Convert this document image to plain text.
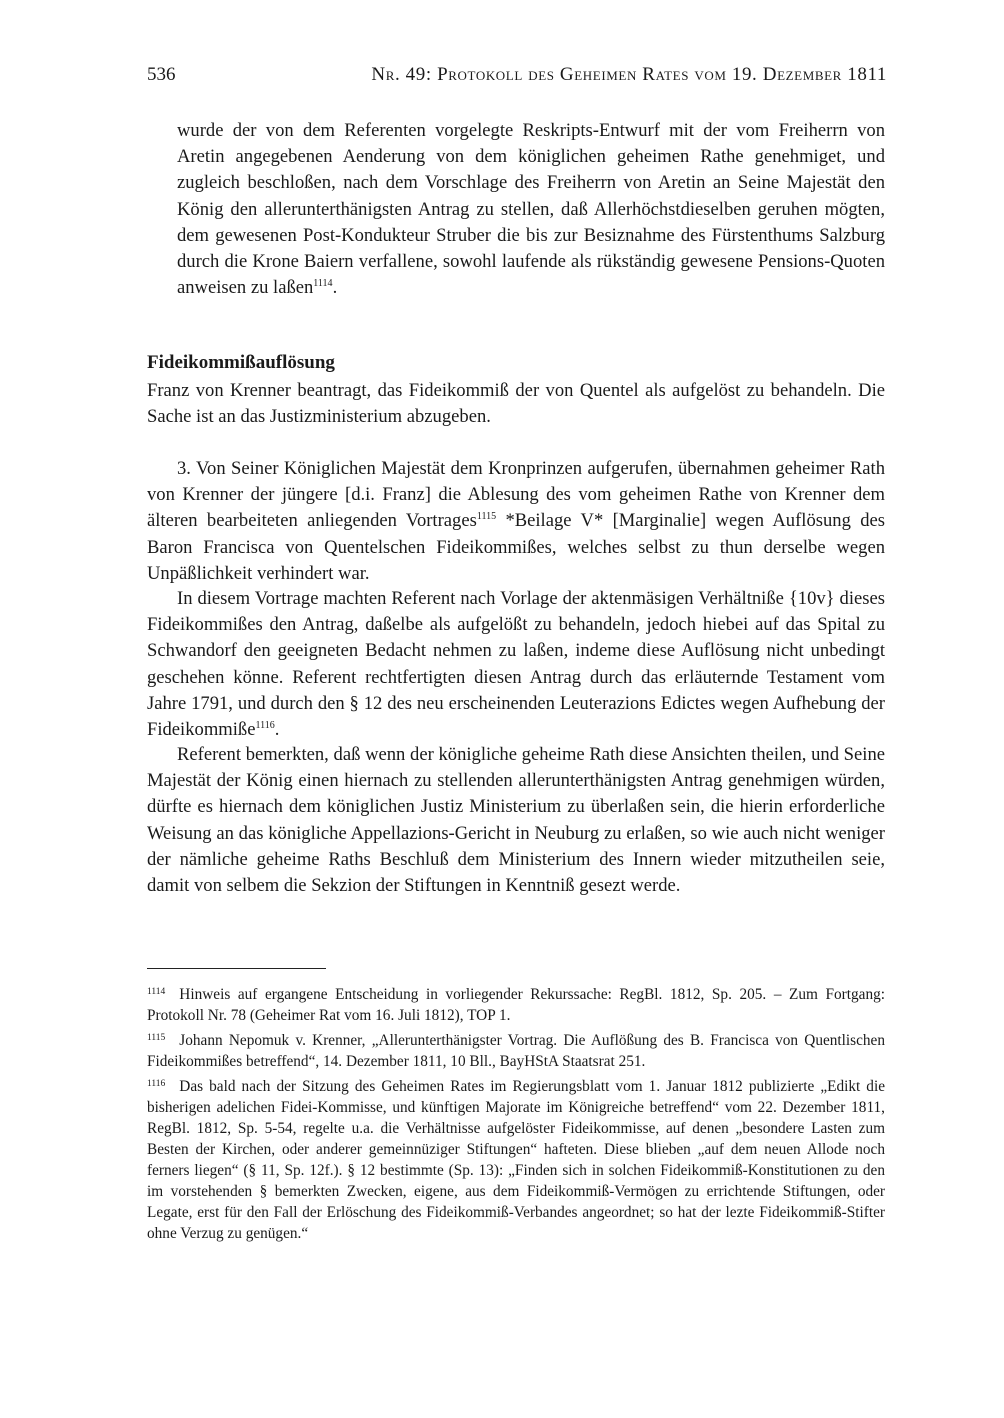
536	Nr. 49: Protokoll des Geheimen Rates vom 19. Dezember 1811

wurde der von dem Referenten vorgelegte Reskripts-Entwurf mit der vom Freiherrn von Aretin angegebenen Aenderung von dem königlichen geheimen Rathe genehmiget, und zugleich beschloßen, nach dem Vorschlage des Freiherrn von Aretin an Seine Majestät den König den allerunterthänigsten Antrag zu stellen, daß Allerhöchstdieselben geruhen mögten, dem gewesenen Post-Kondukteur Struber die bis zur Besiznahme des Fürstenthums Salzburg durch die Krone Baiern verfallene, sowohl laufende als rükständig gewesene Pensions-Quoten anweisen zu laßen$^{1114}$.

Fideikommißauflösung

Franz von Krenner beantragt, das Fideikommiß der von Quentel als aufgelöst zu behandeln. Die Sache ist an das Justizministerium abzugeben.

3. Von Seiner Königlichen Majestät dem Kronprinzen aufgerufen, übernahmen geheimer Rath von Krenner der jüngere [d.i. Franz] die Ablesung des vom geheimen Rathe von Krenner dem älteren bearbeiteten anliegenden Vortrages$^{1115}$ *Beilage V* [Marginalie] wegen Auflösung des Baron Francisca von Quentelschen Fideikommißes, welches selbst zu thun derselbe wegen Unpäßlichkeit verhindert war.

In diesem Vortrage machten Referent nach Vorlage der aktenmäsigen Verhältniße {10v} dieses Fideikommißes den Antrag, daßelbe als aufgelößt zu behandeln, jedoch hiebei auf das Spital zu Schwandorf den geeigneten Bedacht nehmen zu laßen, indeme diese Auflösung nicht unbedingt geschehen könne. Referent rechtfertigten diesen Antrag durch das erläuternde Testament vom Jahre 1791, und durch den § 12 des neu erscheinenden Leuterazions Edictes wegen Aufhebung der Fideikommiße$^{1116}$.

Referent bemerkten, daß wenn der königliche geheime Rath diese Ansichten theilen, und Seine Majestät der König einen hiernach zu stellenden allerunterthänigsten Antrag genehmigen würden, dürfte es hiernach dem königlichen Justiz Ministerium zu überlaßen sein, die hierin erforderliche Weisung an das königliche Appellazions-Gericht in Neuburg zu erlaßen, so wie auch nicht weniger der nämliche geheime Raths Beschluß dem Ministerium des Innern wieder mitzutheilen seie, damit von selbem die Sekzion der Stiftungen in Kenntniß gesezt werde.

$^{1114}$ Hinweis auf ergangene Entscheidung in vorliegender Rekurssache: RegBl. 1812, Sp. 205. – Zum Fortgang: Protokoll Nr. 78 (Geheimer Rat vom 16. Juli 1812), TOP 1.

$^{1115}$ Johann Nepomuk v. Krenner, „Allerunterthänigster Vortrag. Die Auflößung des B. Francisca von Quentlischen Fideikommißes betreffend“, 14. Dezember 1811, 10 Bll., BayHStA Staatsrat 251.

$^{1116}$ Das bald nach der Sitzung des Geheimen Rates im Regierungsblatt vom 1. Januar 1812 publizierte „Edikt die bisherigen adelichen Fidei-Kommisse, und künftigen Majorate im Königreiche betreffend“ vom 22. Dezember 1811, RegBl. 1812, Sp. 5-54, regelte u.a. die Verhältnisse aufgelöster Fideikommisse, auf denen „besondere Lasten zum Besten der Kirchen, oder anderer gemeinnüziger Stiftungen“ hafteten. Diese blieben „auf dem neuen Allode noch ferners liegen“ (§ 11, Sp. 12f.). § 12 bestimmte (Sp. 13): „Finden sich in solchen Fideikommiß-Konstitutionen zu den im vorstehenden § bemerkten Zwecken, eigene, aus dem Fideikommiß-Vermögen zu errichtende Stiftungen, oder Legate, erst für den Fall der Erlöschung des Fideikommiß-Verbandes angeordnet; so hat der lezte Fideikommiß-Stifter ohne Verzug zu genügen.“
